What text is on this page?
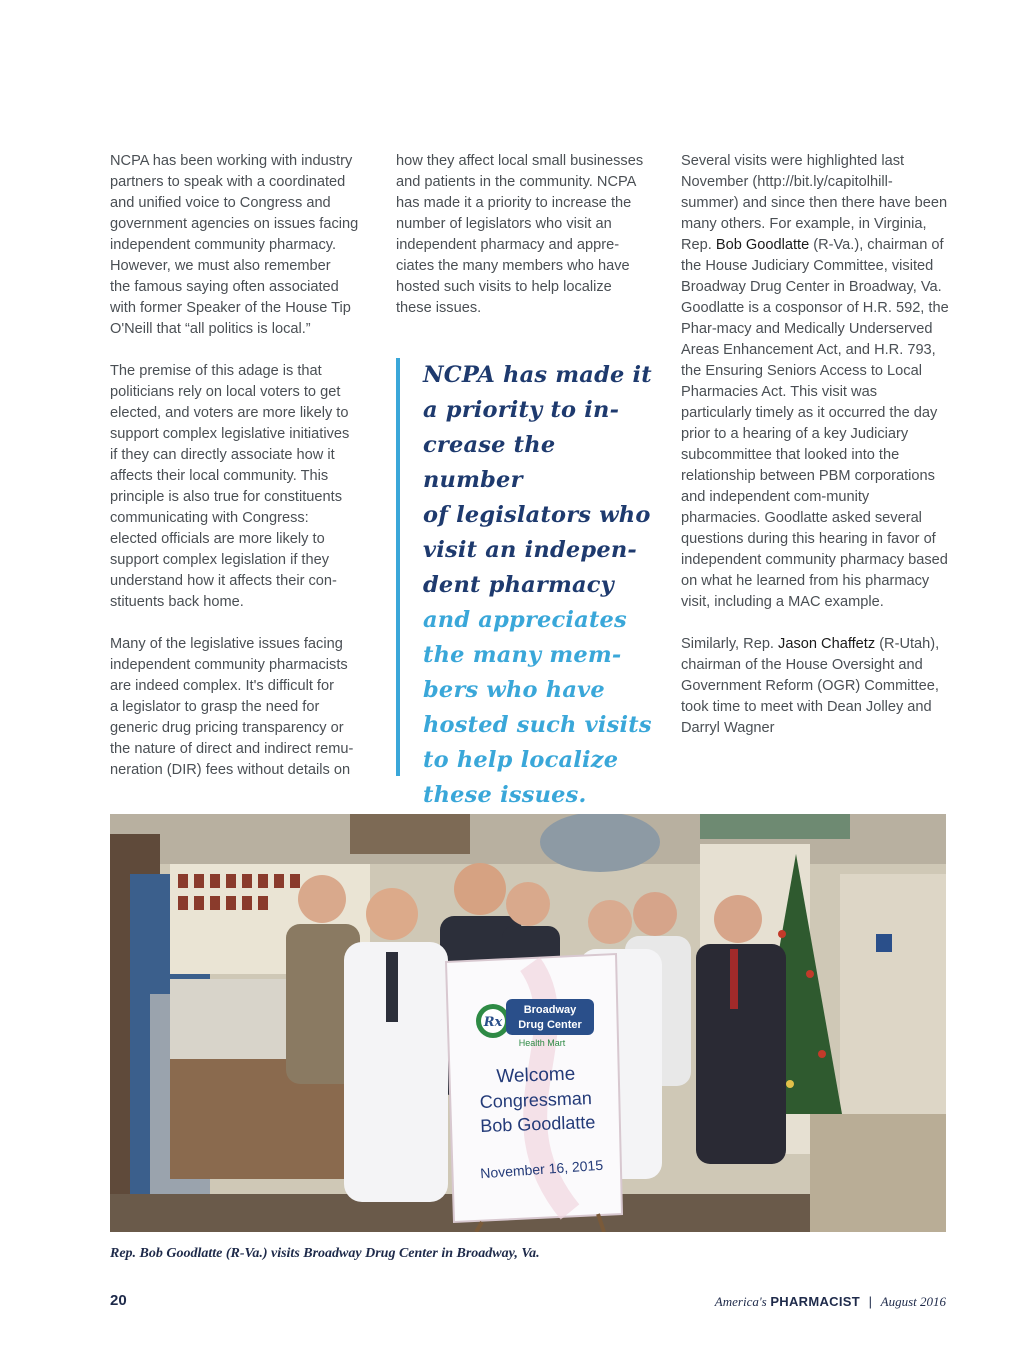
NCPA has been working with industry
partners to speak with a coordinated
and unified voice to Congress and
government agencies on issues facing
independent community pharmacy.
However, we must also remember
the famous saying often associated
with former Speaker of the House Tip
O'Neill that “all politics is local.”

The premise of this adage is that
politicians rely on local voters to get
elected, and voters are more likely to
support complex legislative initiatives
if they can directly associate how it
affects their local community. This
principle is also true for constituents
communicating with Congress:
elected officials are more likely to
support complex legislation if they
understand how it affects their con-
stituents back home.

Many of the legislative issues facing
independent community pharmacists
are indeed complex. It's difficult for
a legislator to grasp the need for
generic drug pricing transparency or
the nature of direct and indirect remu-
neration (DIR) fees without details on

how they affect local small businesses
and patients in the community. NCPA
has made it a priority to increase the
number of legislators who visit an
independent pharmacy and appre-
ciates the many members who have
hosted such visits to help localize
these issues.

NCPA has made it
a priority to in-
crease the number
of legislators who
visit an indepen-
dent pharmacy
and appreciates
the many mem-
bers who have
hosted such visits
to help localize
these issues.

Several visits were highlighted last November (http://bit.ly/capitolhill-summer) and since then there have been many others. For example, in Virginia, Rep. Bob Goodlatte (R-Va.), chairman of the House Judiciary Committee, visited Broadway Drug Center in Broadway, Va. Goodlatte is a cosponsor of H.R. 592, the Phar-macy and Medically Underserved Areas Enhancement Act, and H.R. 793, the Ensuring Seniors Access to Local Pharmacies Act. This visit was particularly timely as it occurred the day prior to a hearing of a key Judiciary subcommittee that looked into the relationship between PBM corporations and independent com-munity pharmacies. Goodlatte asked several questions during this hearing in favor of independent community pharmacy based on what he learned from his pharmacy visit, including a MAC example.

Similarly, Rep. Jason Chaffetz (R-Utah), chairman of the House Oversight and Government Reform (OGR) Committee, took time to meet with Dean Jolley and Darryl Wagner

Rx
Broadway
Drug Center
Health Mart
Welcome
Congressman
Bob Goodlatte
November 16, 2015
Rep. Bob Goodlatte (R-Va.) visits Broadway Drug Center in Broadway, Va.
20	America's PHARMACIST | August 2016
